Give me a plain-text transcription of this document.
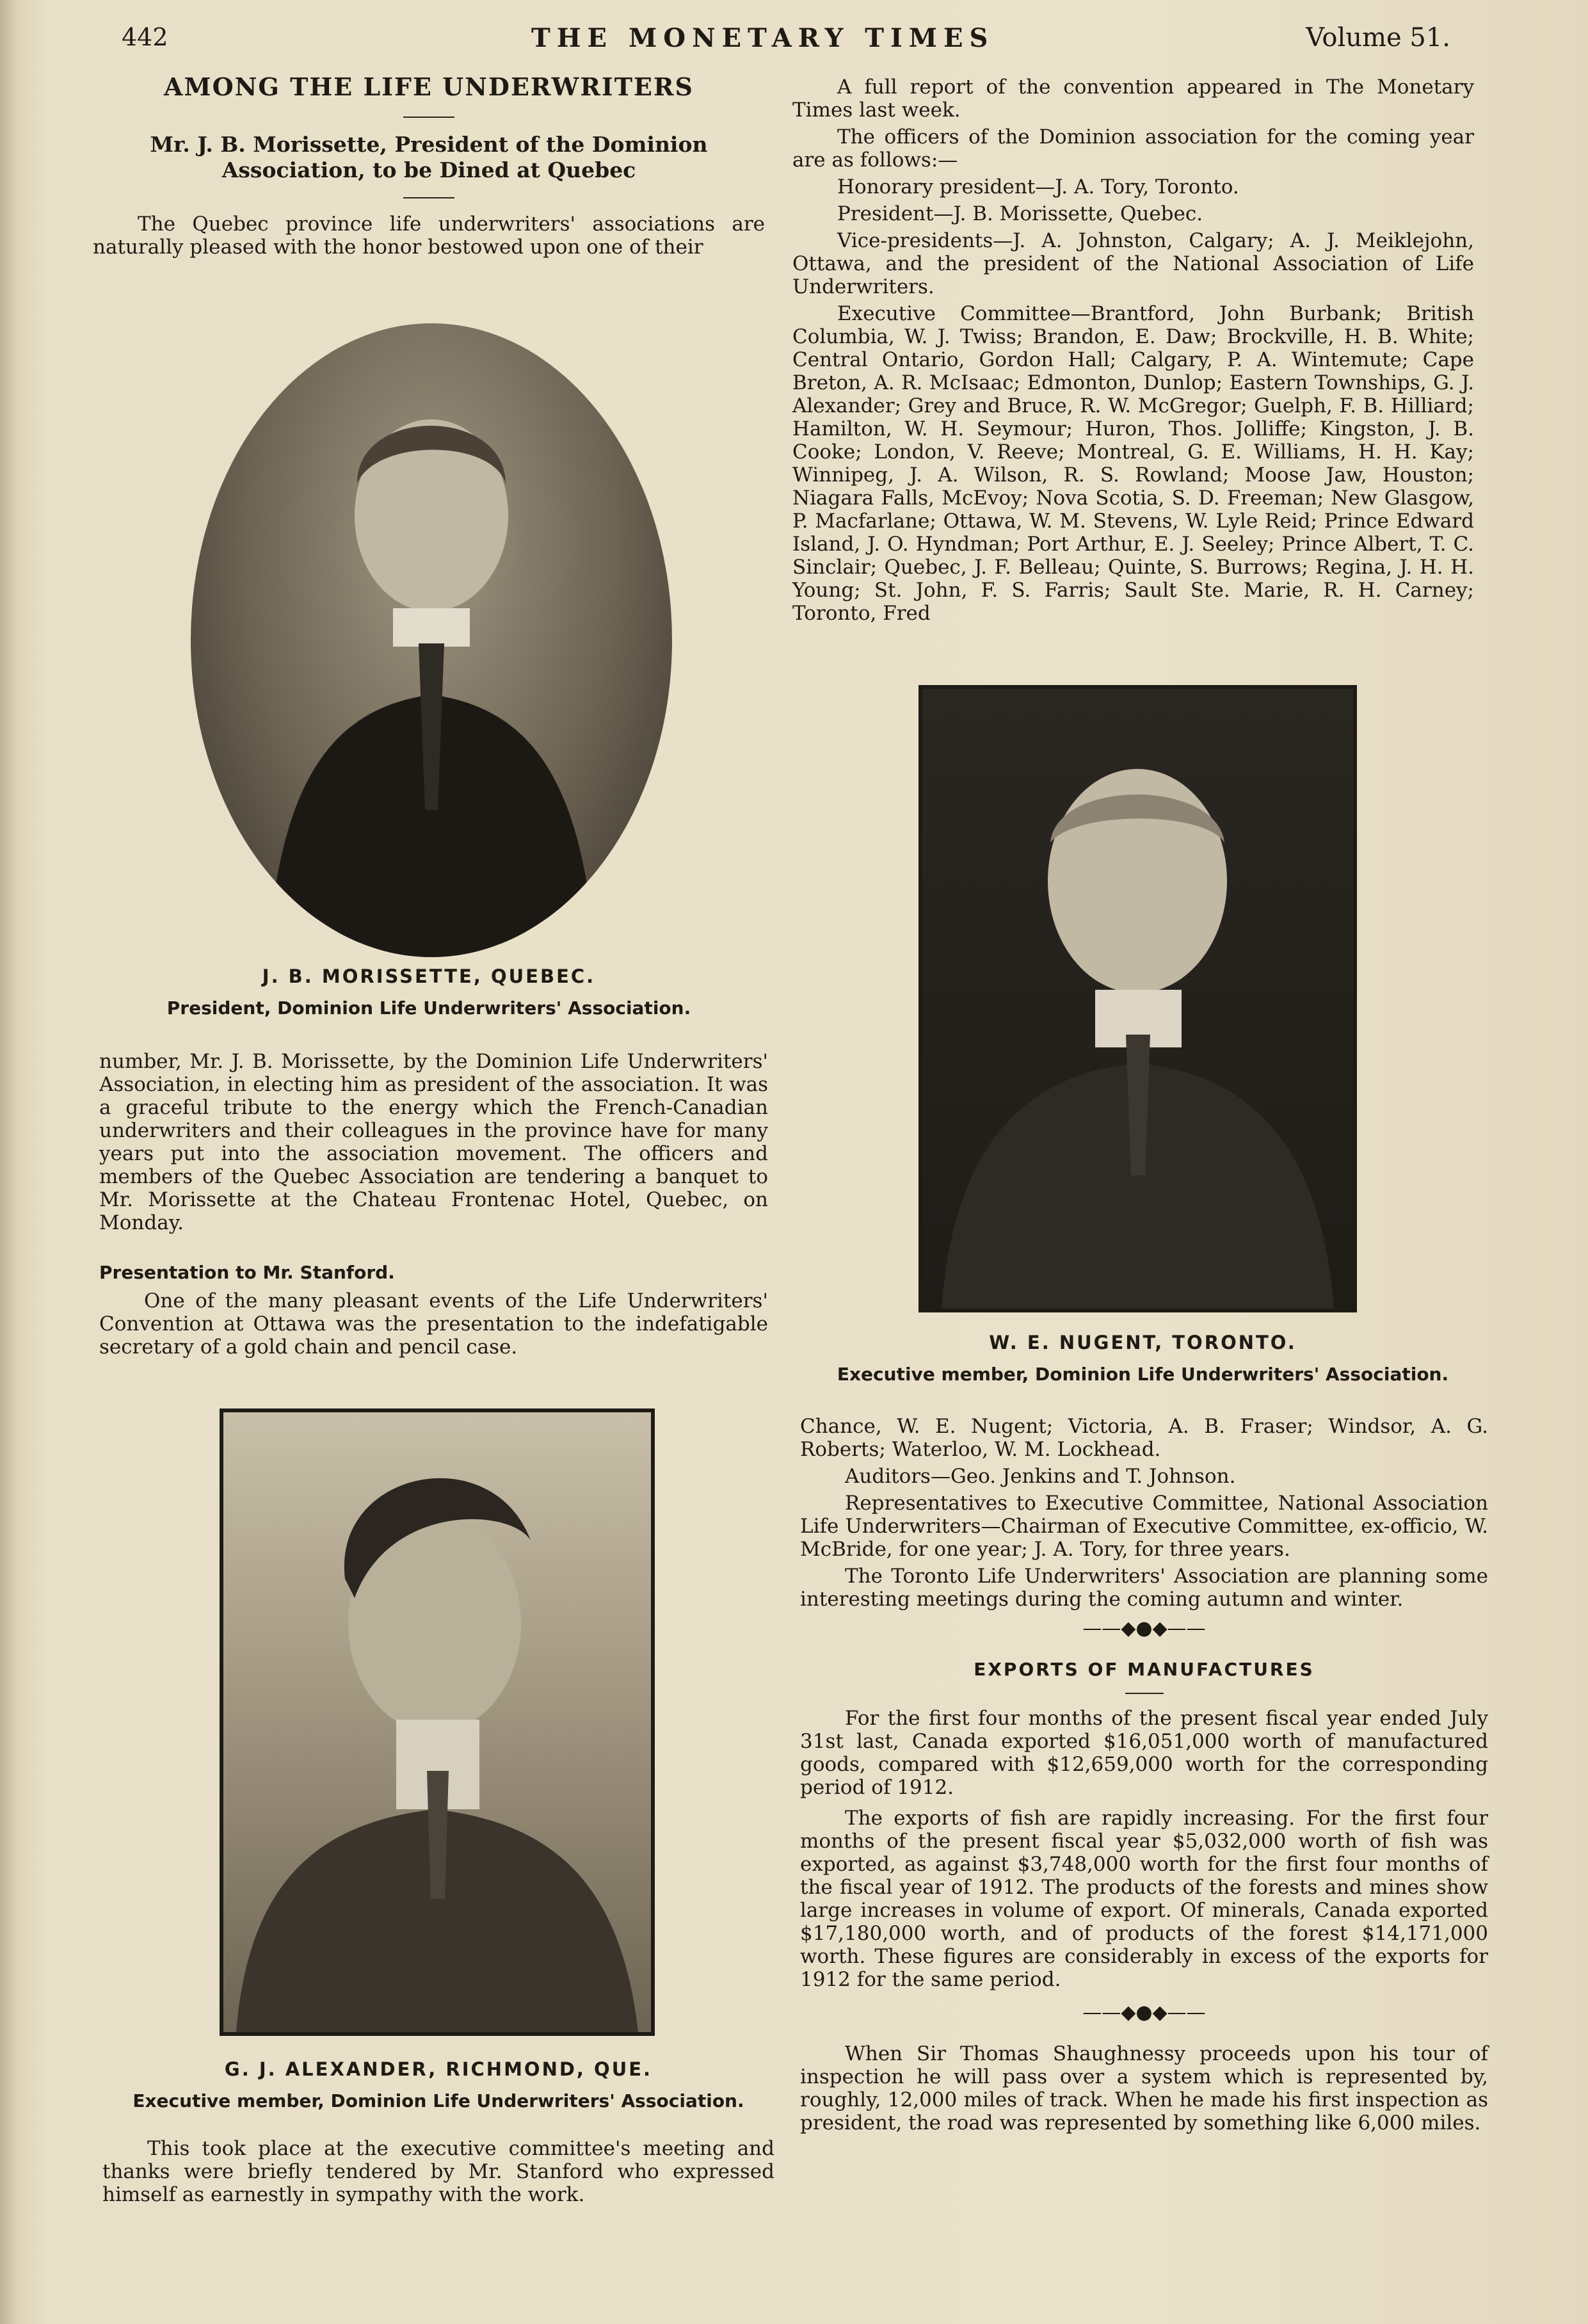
442	THE MONETARY TIMES	Volume 51.
AMONG THE LIFE UNDERWRITERS
Mr. J. B. Morissette, President of the Dominion Association, to be Dined at Quebec

The Quebec province life underwriters' associations are naturally pleased with the honor bestowed upon one of their

J. B. MORISSETTE, QUEBEC.
President, Dominion Life Underwriters' Association.

number, Mr. J. B. Morissette, by the Dominion Life Underwriters' Association, in electing him as president of the association. It was a graceful tribute to the energy which the French-Canadian underwriters and their colleagues in the province have for many years put into the association movement. The officers and members of the Quebec Association are tendering a banquet to Mr. Morissette at the Chateau Frontenac Hotel, Quebec, on Monday.

Presentation to Mr. Stanford.

One of the many pleasant events of the Life Underwriters' Convention at Ottawa was the presentation to the indefatigable secretary of a gold chain and pencil case.

G. J. ALEXANDER, RICHMOND, QUE.
Executive member, Dominion Life Underwriters' Association.

This took place at the executive committee's meeting and thanks were briefly tendered by Mr. Stanford who expressed himself as earnestly in sympathy with the work.

A full report of the convention appeared in The Monetary Times last week.

The officers of the Dominion association for the coming year are as follows:—

Honorary president—J. A. Tory, Toronto.

President—J. B. Morissette, Quebec.

Vice-presidents—J. A. Johnston, Calgary; A. J. Meiklejohn, Ottawa, and the president of the National Association of Life Underwriters.

Executive Committee—Brantford, John Burbank; British Columbia, W. J. Twiss; Brandon, E. Daw; Brockville, H. B. White; Central Ontario, Gordon Hall; Calgary, P. A. Wintemute; Cape Breton, A. R. McIsaac; Edmonton, Dunlop; Eastern Townships, G. J. Alexander; Grey and Bruce, R. W. McGregor; Guelph, F. B. Hilliard; Hamilton, W. H. Seymour; Huron, Thos. Jolliffe; Kingston, J. B. Cooke; London, V. Reeve; Montreal, G. E. Williams, H. H. Kay; Winnipeg, J. A. Wilson, R. S. Rowland; Moose Jaw, Houston; Niagara Falls, McEvoy; Nova Scotia, S. D. Freeman; New Glasgow, P. Macfarlane; Ottawa, W. M. Stevens, W. Lyle Reid; Prince Edward Island, J. O. Hyndman; Port Arthur, E. J. Seeley; Prince Albert, T. C. Sinclair; Quebec, J. F. Belleau; Quinte, S. Burrows; Regina, J. H. H. Young; St. John, F. S. Farris; Sault Ste. Marie, R. H. Carney; Toronto, Fred

W. E. NUGENT, TORONTO.
Executive member, Dominion Life Underwriters' Association.

Chance, W. E. Nugent; Victoria, A. B. Fraser; Windsor, A. G. Roberts; Waterloo, W. M. Lockhead.

Auditors—Geo. Jenkins and T. Johnson.

Representatives to Executive Committee, National Association Life Underwriters—Chairman of Executive Committee, ex-officio, W. McBride, for one year; J. A. Tory, for three years.

The Toronto Life Underwriters' Association are planning some interesting meetings during the coming autumn and winter.

——◆●◆——
EXPORTS OF MANUFACTURES

For the first four months of the present fiscal year ended July 31st last, Canada exported $16,051,000 worth of manufactured goods, compared with $12,659,000 worth for the corresponding period of 1912.

The exports of fish are rapidly increasing. For the first four months of the present fiscal year $5,032,000 worth of fish was exported, as against $3,748,000 worth for the first four months of the fiscal year of 1912. The products of the forests and mines show large increases in volume of export. Of minerals, Canada exported $17,180,000 worth, and of products of the forest $14,171,000 worth. These figures are considerably in excess of the exports for 1912 for the same period.

——◆●◆——

When Sir Thomas Shaughnessy proceeds upon his tour of inspection he will pass over a system which is represented by, roughly, 12,000 miles of track. When he made his first inspection as president, the road was represented by something like 6,000 miles.
